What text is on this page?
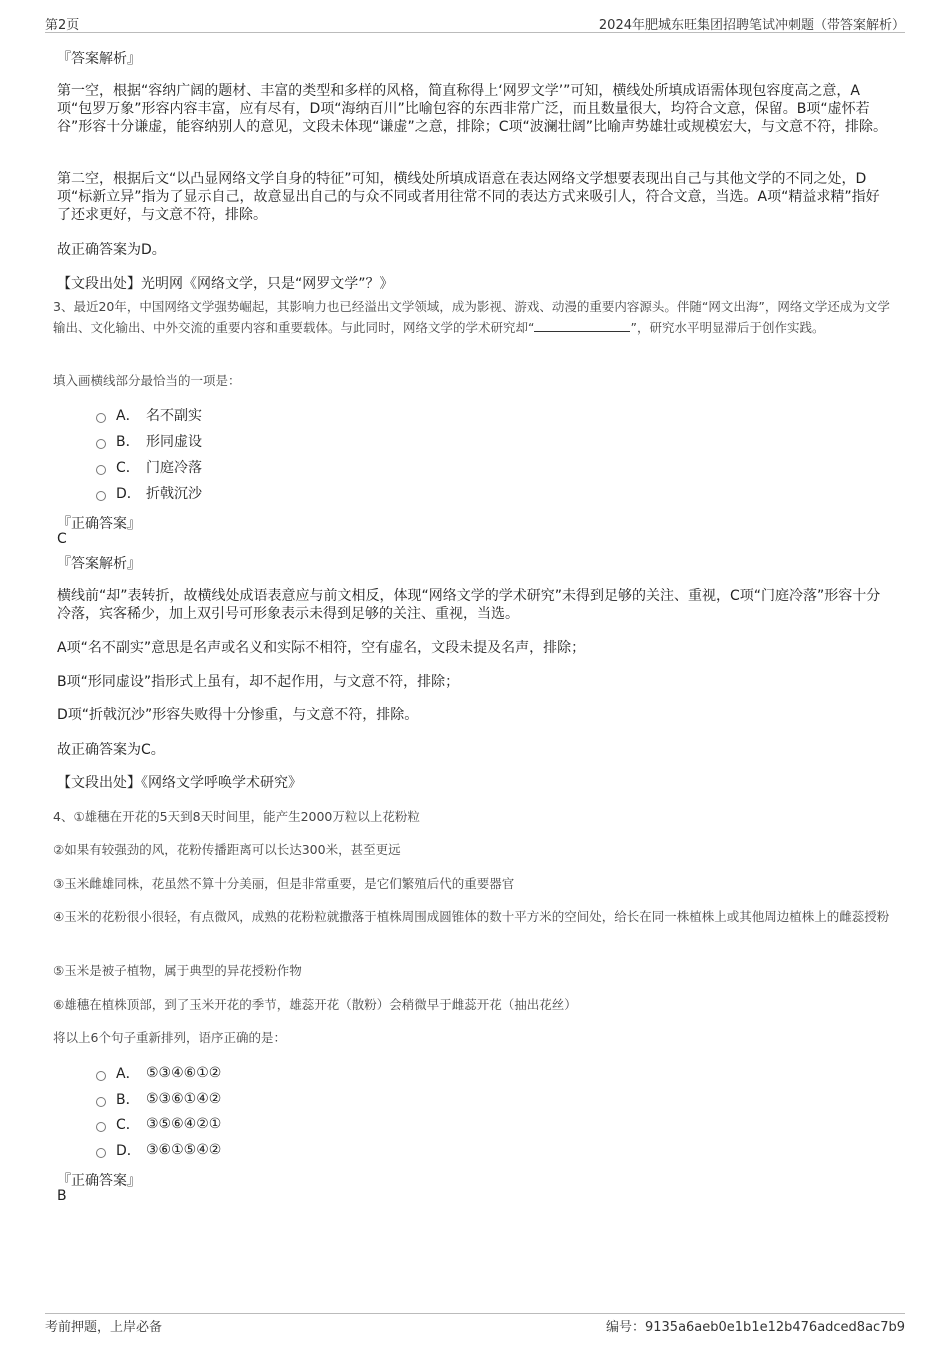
第2页	2024年肥城东旺集团招聘笔试冲刺题（带答案解析）
『答案解析』

第一空，根据“容纳广阔的题材、丰富的类型和多样的风格，简直称得上‘网罗文学’”可知，横线处所填成语需体现包容度高之意，A项“包罗万象”形容内容丰富，应有尽有，D项“海纳百川”比喻包容的东西非常广泛，而且数量很大，均符合文意，保留。B项“虚怀若谷”形容十分谦虚，能容纳别人的意见，文段未体现“谦虚”之意，排除；C项“波澜壮阔”比喻声势雄壮或规模宏大，与文意不符，排除。

第二空，根据后文“以凸显网络文学自身的特征”可知，横线处所填成语意在表达网络文学想要表现出自己与其他文学的不同之处，D项“标新立异”指为了显示自己，故意显出自己的与众不同或者用往常不同的表达方式来吸引人，符合文意，当选。A项“精益求精”指好了还求更好，与文意不符，排除。

故正确答案为D。
【文段出处】光明网《网络文学，只是“网罗文学”？》

3、最近20年，中国网络文学强势崛起，其影响力也已经溢出文学领域，成为影视、游戏、动漫的重要内容源头。伴随“网文出海”，网络文学还成为文学输出、文化输出、中外交流的重要内容和重要载体。与此同时，网络文学的学术研究却“	”，研究水平明显滞后于创作实践。

填入画横线部分最恰当的一项是：

A． 名不副实
B． 形同虚设
C． 门庭冷落
D． 折戟沉沙
『正确答案』
C
『答案解析』

横线前“却”表转折，故横线处成语表意应与前文相反，体现“网络文学的学术研究”未得到足够的关注、重视，C项“门庭冷落”形容十分冷落，宾客稀少，加上双引号可形象表示未得到足够的关注、重视，当选。

A项“名不副实”意思是名声或名义和实际不相符，空有虚名，文段未提及名声，排除；

B项“形同虚设”指形式上虽有，却不起作用，与文意不符，排除；

D项“折戟沉沙”形容失败得十分惨重，与文意不符，排除。

故正确答案为C。
【文段出处】《网络文学呼唤学术研究》

4、①雄穗在开花的5天到8天时间里，能产生2000万粒以上花粉粒

②如果有较强劲的风，花粉传播距离可以长达300米，甚至更远

③玉米雌雄同株，花虽然不算十分美丽，但是非常重要，是它们繁殖后代的重要器官

④玉米的花粉很小很轻，有点微风，成熟的花粉粒就撒落于植株周围成圆锥体的数十平方米的空间处，给长在同一株植株上或其他周边植株上的雌蕊授粉

⑤玉米是被子植物，属于典型的异花授粉作物

⑥雄穗在植株顶部，到了玉米开花的季节，雄蕊开花（散粉）会稍微早于雌蕊开花（抽出花丝）

将以上6个句子重新排列，语序正确的是：

A． ⑤③④⑥①②
B． ⑤③⑥①④②
C． ③⑤⑥④②①
D． ③⑥①⑤④②
『正确答案』
B
考前押题，上岸必备	编号：9135a6aeb0e1b1e12b476adced8ac7b9
